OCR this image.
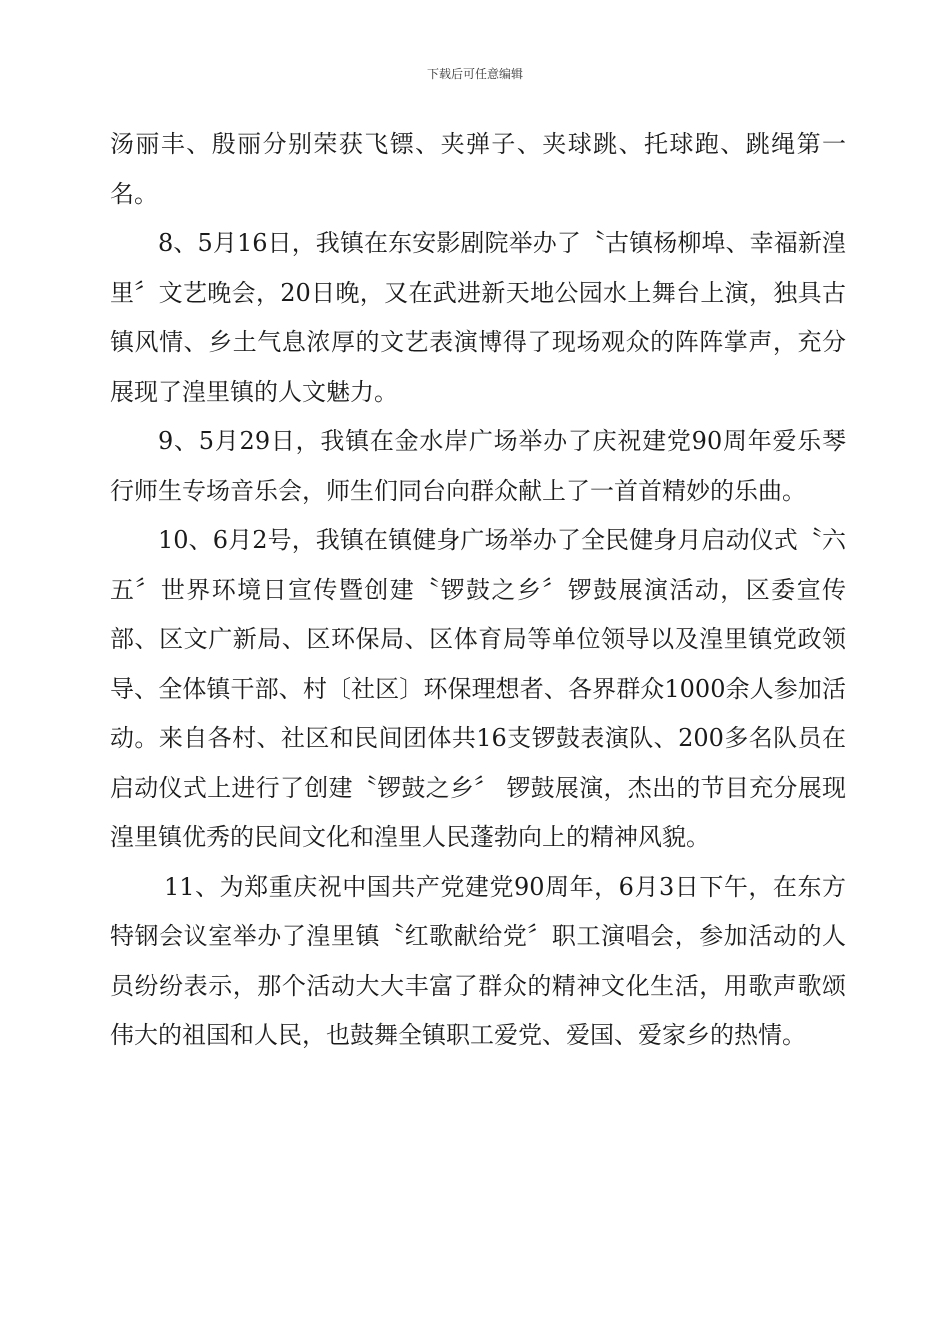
下载后可任意编辑

汤丽丰、殷丽分别荣获飞镖、夹弹子、夹球跳、托球跑、跳绳第一名。

8、5月16日，我镇在东安影剧院举办了〝古镇杨柳埠、幸福新湟里〞文艺晚会，20日晚，又在武进新天地公园水上舞台上演，独具古镇风情、乡土气息浓厚的文艺表演博得了现场观众的阵阵掌声，充分展现了湟里镇的人文魅力。

9、5月29日，我镇在金水岸广场举办了庆祝建党90周年爱乐琴行师生专场音乐会，师生们同台向群众献上了一首首精妙的乐曲。

10、6月2号，我镇在镇健身广场举办了全民健身月启动仪式〝六五〞世界环境日宣传暨创建〝锣鼓之乡〞锣鼓展演活动，区委宣传部、区文广新局、区环保局、区体育局等单位领导以及湟里镇党政领导、全体镇干部、村〔社区〕环保理想者、各界群众1000余人参加活动。来自各村、社区和民间团体共16支锣鼓表演队、200多名队员在启动仪式上进行了创建〝锣鼓之乡〞 锣鼓展演，杰出的节目充分展现湟里镇优秀的民间文化和湟里人民蓬勃向上的精神风貌。

11、为郑重庆祝中国共产党建党90周年，6月3日下午，在东方特钢会议室举办了湟里镇〝红歌献给党〞职工演唱会，参加活动的人员纷纷表示，那个活动大大丰富了群众的精神文化生活，用歌声歌颂伟大的祖国和人民，也鼓舞全镇职工爱党、爱国、爱家乡的热情。
